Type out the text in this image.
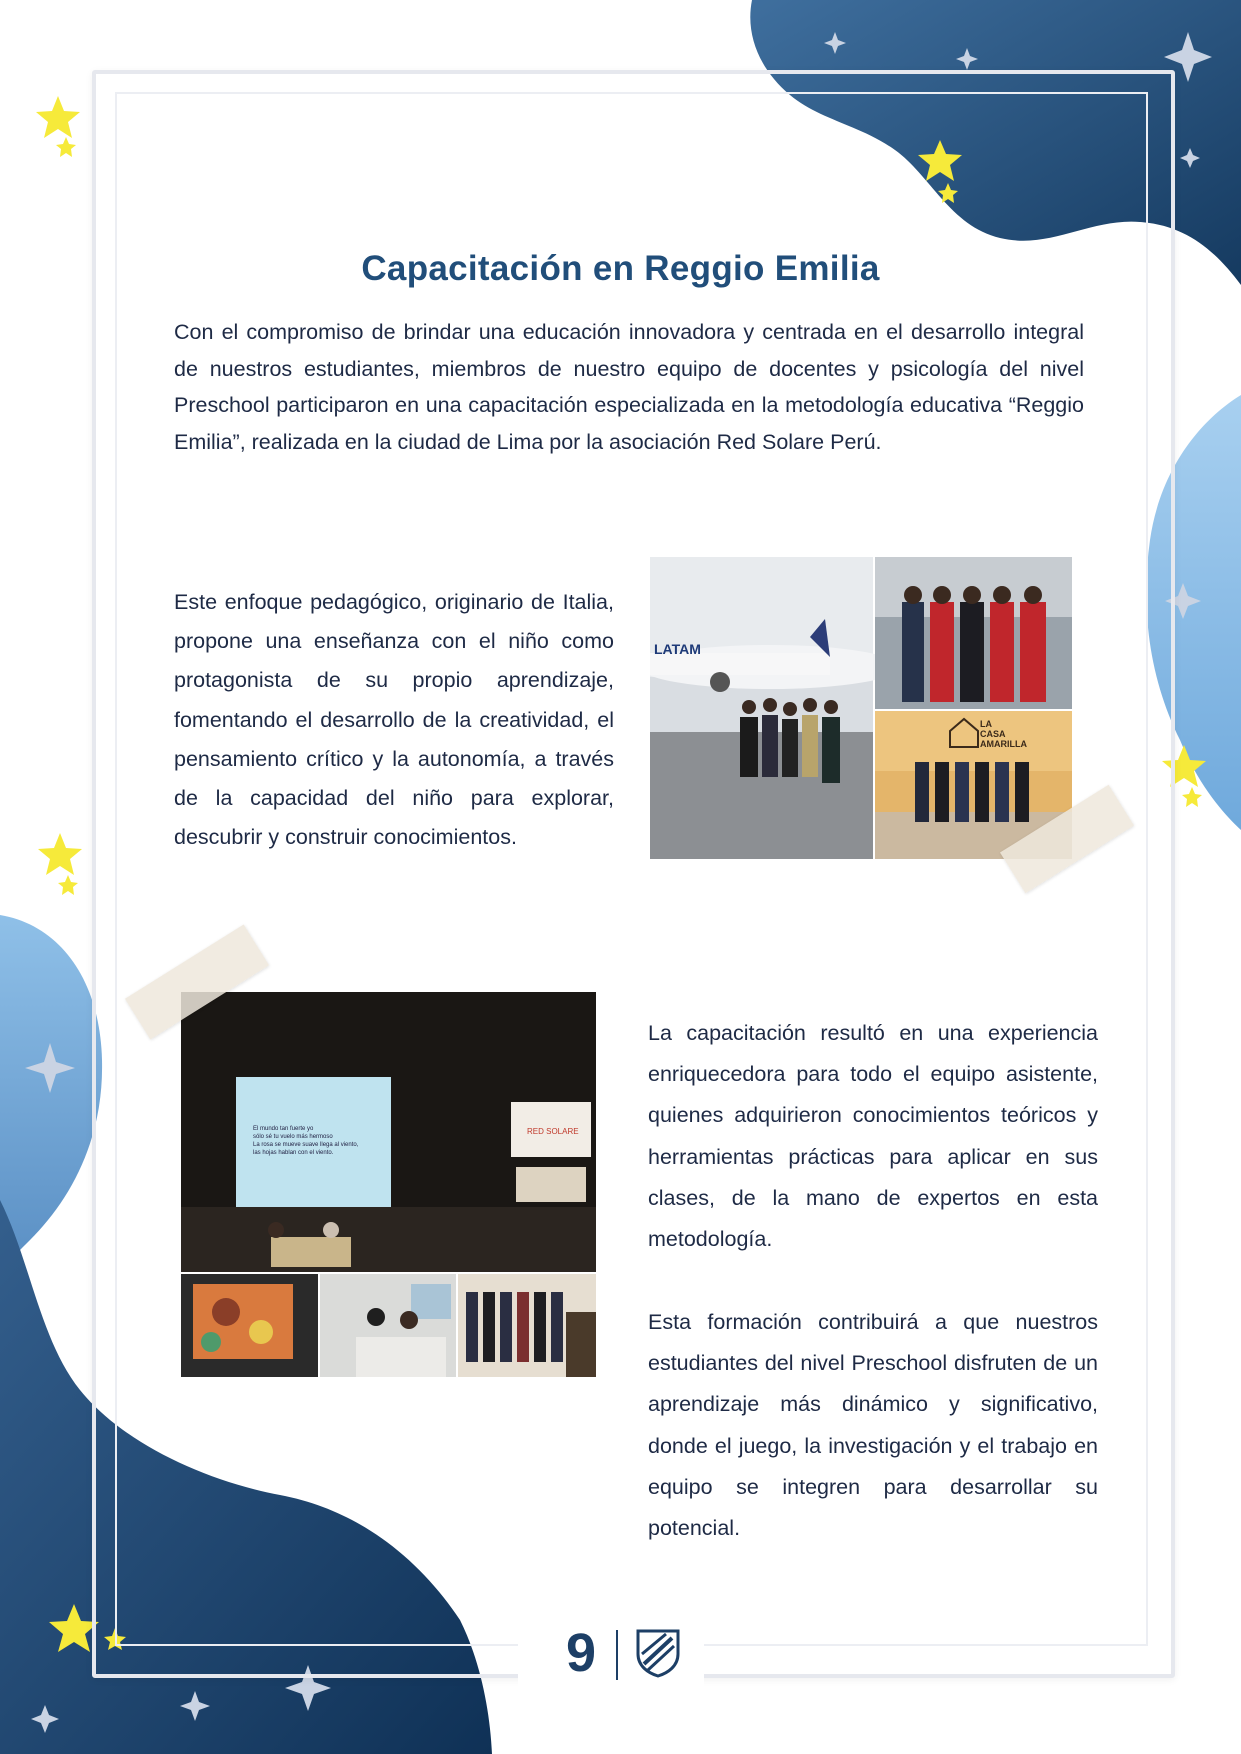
Capacitación en Reggio Emilia

Con el compromiso de brindar una educación innovadora y centrada en el desarrollo integral de nuestros estudiantes, miembros de nuestro equipo de docentes y psicología del nivel Preschool participaron en una capacitación especializada en la metodología educativa “Reggio Emilia”, realizada en la ciudad de Lima por la asociación Red Solare Perú.

Este enfoque pedagógico, originario de Italia, propone una enseñanza con el niño como protagonista de su propio aprendizaje, fomentando el desarrollo de la creatividad, el pensamiento crítico y la autonomía, a través de la capacidad del niño para explorar, descubrir y construir conocimientos.

La capacitación resultó en una experiencia enriquecedora para todo el equipo asistente, quienes adquirieron conocimientos teóricos y herramientas prácticas para aplicar en sus clases, de la mano de expertos en esta metodología.

Esta formación contribuirá a que nuestros estudiantes del nivel Preschool disfruten de un aprendizaje más dinámico y significativo, donde el juego, la investigación y el trabajo en equipo se integren para desarrollar su potencial.

LATAM
LA
CASA
AMARILLA
El mundo tan fuerte yo
sólo sé tu vuelo más hermoso
La rosa se mueve suave llega al viento,
las hojas hablan con el viento.
RED SOLARE
9
